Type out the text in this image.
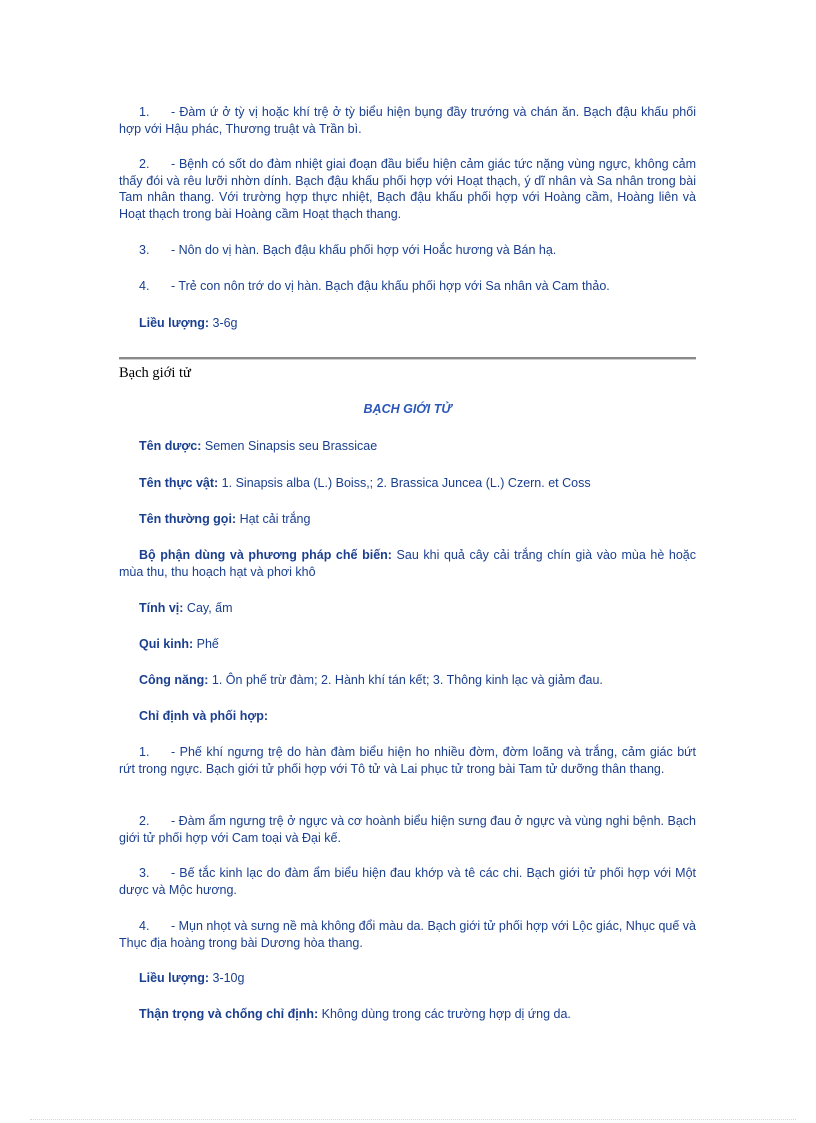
1. - Đàm ứ ở tỳ vị hoặc khí trệ ở tỳ biểu hiện bụng đầy trướng và chán ăn. Bạch đậu khấu phối hợp với Hậu phác, Thương truật và Trần bì.
2. - Bệnh có sốt do đàm nhiệt giai đoạn đầu biểu hiện cảm giác tức nặng vùng ngực, không cảm thấy đói và rêu lưỡi nhờn dính. Bạch đậu khấu phối hợp với Hoạt thạch, ý dĩ nhân và Sa nhân trong bài Tam nhân thang. Với trường hợp thực nhiệt, Bạch đậu khấu phối hợp với Hoàng cầm, Hoàng liên và Hoạt thạch trong bài Hoàng cầm Hoạt thạch thang.
3. - Nôn do vị hàn. Bạch đậu khấu phối hợp với Hoắc hương và Bán hạ.
4. - Trẻ con nôn trớ do vị hàn. Bạch đậu khấu phối hợp với Sa nhân và Cam thảo.
Liều lượng: 3-6g
Bạch giới tử
BẠCH GIỚI TỬ
Tên dược: Semen Sinapsis seu Brassicae
Tên thực vật: 1. Sinapsis alba (L.) Boiss,; 2. Brassica Juncea (L.) Czern. et Coss
Tên thường gọi: Hạt cải trắng
Bộ phận dùng và phương pháp chế biến: Sau khi quả cây cải trắng chín già vào mùa hè hoặc mùa thu, thu hoạch hạt và phơi khô
Tính vị: Cay, ấm
Qui kinh: Phế
Công năng: 1. Ôn phế trừ đàm; 2. Hành khí tán kết; 3. Thông kinh lạc và giảm đau.
Chỉ định và phối hợp:
1. - Phế khí ngưng trệ do hàn đàm biểu hiện ho nhiều đờm, đờm loãng và trắng, cảm giác bứt rứt trong ngực. Bạch giới tử phối hợp với Tô tử và Lai phục tử trong bài Tam tử dưỡng thân thang.
2. - Đàm ẩm ngưng trệ ở ngực và cơ hoành biểu hiện sưng đau ở ngực và vùng nghi bệnh. Bạch giới tử phối hợp với Cam toại và Đại kế.
3. - Bế tắc kinh lạc do đàm ẩm biểu hiện đau khớp và tê các chi. Bạch giới tử phối hợp với Một dược và Mộc hương.
4. - Mụn nhọt và sưng nề mà không đổi màu da. Bạch giới tử phối hợp với Lộc giác, Nhục quế và Thục địa hoàng trong bài Dương hòa thang.
Liều lượng: 3-10g
Thận trọng và chống chỉ định: Không dùng trong các trường hợp dị ứng da.
